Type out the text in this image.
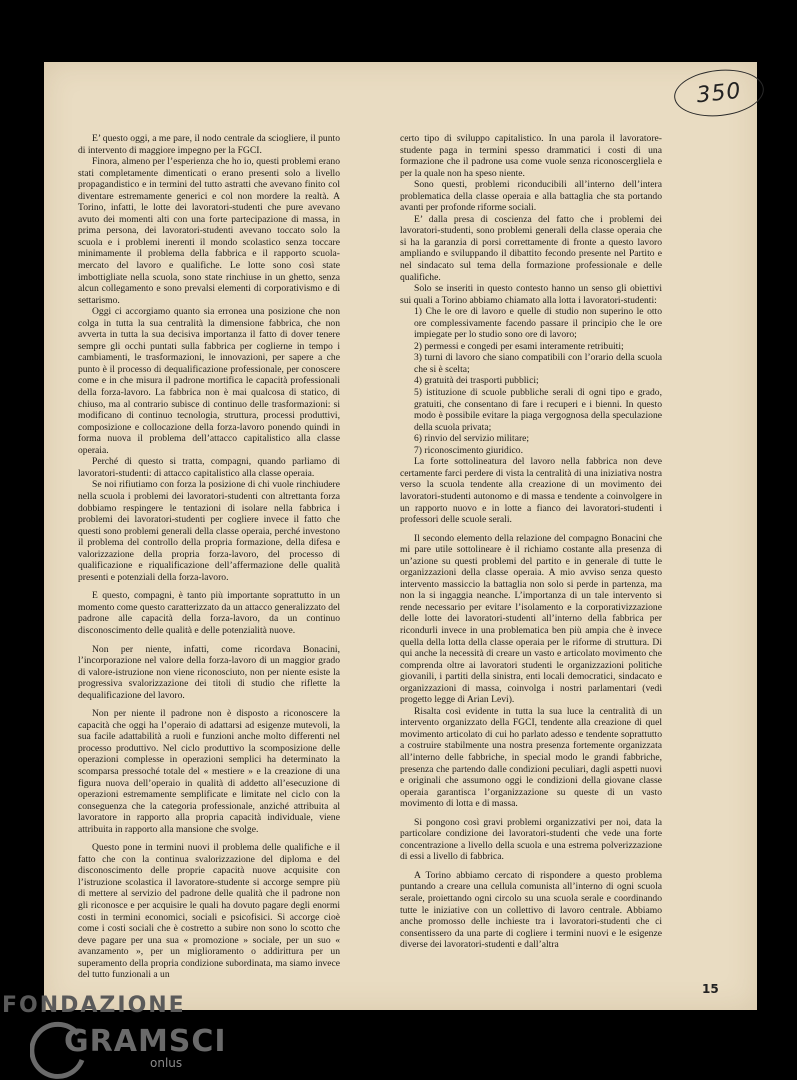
350

E’ questo oggi, a me pare, il nodo centrale da sciogliere, il punto di intervento di maggiore impegno per la FGCI.

Finora, almeno per l’esperienza che ho io, questi problemi erano stati completamente dimenticati o erano presenti solo a livello propagandistico e in termini del tutto astratti che avevano finito col diventare estremamente generici e col non mordere la realtà. A Torino, infatti, le lotte dei lavoratori-studenti che pure avevano avuto dei momenti alti con una forte partecipazione di massa, in prima persona, dei lavoratori-studenti avevano toccato solo la scuola e i problemi inerenti il mondo scolastico senza toccare minimamente il problema della fabbrica e il rapporto scuola-mercato del lavoro e qualifiche. Le lotte sono così state imbottigliate nella scuola, sono state rinchiuse in un ghetto, senza alcun collegamento e sono prevalsi elementi di corporativismo e di settarismo.

Oggi ci accorgiamo quanto sia erronea una posizione che non colga in tutta la sua centralità la dimensione fabbrica, che non avverta in tutta la sua decisiva importanza il fatto di dover tenere sempre gli occhi puntati sulla fabbrica per coglierne in tempo i cambiamenti, le trasformazioni, le innovazioni, per sapere a che punto è il processo di dequalificazione professionale, per conoscere come e in che misura il padrone mortifica le capacità professionali della forza-lavoro. La fabbrica non è mai qualcosa di statico, di chiuso, ma al contrario subisce di continuo delle trasformazioni: si modificano di continuo tecnologia, struttura, processi produttivi, composizione e collocazione della forza-lavoro ponendo quindi in forma nuova il problema dell’attacco capitalistico alla classe operaia.

Perché di questo si tratta, compagni, quando parliamo di lavoratori-studenti: di attacco capitalistico alla classe operaia.

Se noi rifiutiamo con forza la posizione di chi vuole rinchiudere nella scuola i problemi dei lavoratori-studenti con altrettanta forza dobbiamo respingere le tentazioni di isolare nella fabbrica i problemi dei lavoratori-studenti per cogliere invece il fatto che questi sono problemi generali della classe operaia, perché investono il problema del controllo della propria formazione, della difesa e valorizzazione della propria forza-lavoro, del processo di qualificazione e riqualificazione dell’affermazione delle qualità presenti e potenziali della forza-lavoro.

E questo, compagni, è tanto più importante soprattutto in un momento come questo caratterizzato da un attacco generalizzato del padrone alle capacità della forza-lavoro, da un continuo disconoscimento delle qualità e delle potenzialità nuove.

Non per niente, infatti, come ricordava Bonacini, l’incorporazione nel valore della forza-lavoro di un maggior grado di valore-istruzione non viene riconosciuto, non per niente esiste la progressiva svalorizzazione dei titoli di studio che riflette la dequalificazione del lavoro.

Non per niente il padrone non è disposto a riconoscere la capacità che oggi ha l’operaio di adattarsi ad esigenze mutevoli, la sua facile adattabilità a ruoli e funzioni anche molto differenti nel processo produttivo. Nel ciclo produttivo la scomposizione delle operazioni complesse in operazioni semplici ha determinato la scomparsa pressoché totale del « mestiere » e la creazione di una figura nuova dell’operaio in qualità di addetto all’esecuzione di operazioni estremamente semplificate e limitate nel ciclo con la conseguenza che la categoria professionale, anziché attribuita al lavoratore in rapporto alla propria capacità individuale, viene attribuita in rapporto alla mansione che svolge.

Questo pone in termini nuovi il problema delle qualifiche e il fatto che con la continua svalorizzazione del diploma e del disconoscimento delle proprie capacità nuove acquisite con l’istruzione scolastica il lavoratore-studente si accorge sempre più di mettere al servizio del padrone delle qualità che il padrone non gli riconosce e per acquisire le quali ha dovuto pagare degli enormi costi in termini economici, sociali e psicofisici. Si accorge cioè come i costi sociali che è costretto a subire non sono lo scotto che deve pagare per una sua « promozione » sociale, per un suo « avanzamento », per un miglioramento o addirittura per un superamento della propria condizione subordinata, ma siamo invece del tutto funzionali a un

certo tipo di sviluppo capitalistico. In una parola il lavoratore-studente paga in termini spesso drammatici i costi di una formazione che il padrone usa come vuole senza riconoscergliela e per la quale non ha speso niente.

Sono questi, problemi riconducibili all’interno dell’intera problematica della classe operaia e alla battaglia che sta portando avanti per profonde riforme sociali.

E’ dalla presa di coscienza del fatto che i problemi dei lavoratori-studenti, sono problemi generali della classe operaia che si ha la garanzia di porsi correttamente di fronte a questo lavoro ampliando e sviluppando il dibattito fecondo presente nel Partito e nel sindacato sul tema della formazione professionale e delle qualifiche.

Solo se inseriti in questo contesto hanno un senso gli obiettivi sui quali a Torino abbiamo chiamato alla lotta i lavoratori-studenti:

1) Che le ore di lavoro e quelle di studio non superino le otto ore complessivamente facendo passare il principio che le ore impiegate per lo studio sono ore di lavoro;

2) permessi e congedi per esami interamente retribuiti;

3) turni di lavoro che siano compatibili con l’orario della scuola che si è scelta;

4) gratuità dei trasporti pubblici;

5) istituzione di scuole pubbliche serali di ogni tipo e grado, gratuiti, che consentano di fare i recuperi e i bienni. In questo modo è possibile evitare la piaga vergognosa della speculazione della scuola privata;

6) rinvio del servizio militare;

7) riconoscimento giuridico.

La forte sottolineatura del lavoro nella fabbrica non deve certamente farci perdere di vista la centralità di una iniziativa nostra verso la scuola tendente alla creazione di un movimento dei lavoratori-studenti autonomo e di massa e tendente a coinvolgere in un rapporto nuovo e in lotte a fianco dei lavoratori-studenti i professori delle scuole serali.

Il secondo elemento della relazione del compagno Bonacini che mi pare utile sottolineare è il richiamo costante alla presenza di un’azione su questi problemi del partito e in generale di tutte le organizzazioni della classe operaia. A mio avviso senza questo intervento massiccio la battaglia non solo si perde in partenza, ma non la si ingaggia neanche. L’importanza di un tale intervento si rende necessario per evitare l’isolamento e la corporativizzazione delle lotte dei lavoratori-studenti all’interno della fabbrica per ricondurli invece in una problematica ben più ampia che è invece quella della lotta della classe operaia per le riforme di struttura. Di qui anche la necessità di creare un vasto e articolato movimento che comprenda oltre ai lavoratori studenti le organizzazioni politiche giovanili, i partiti della sinistra, enti locali democratici, sindacato e organizzazioni di massa, coinvolga i nostri parlamentari (vedi progetto legge di Arian Levi).

Risalta così evidente in tutta la sua luce la centralità di un intervento organizzato della FGCI, tendente alla creazione di quel movimento articolato di cui ho parlato adesso e tendente soprattutto a costruire stabilmente una nostra presenza fortemente organizzata all’interno delle fabbriche, in special modo le grandi fabbriche, presenza che partendo dalle condizioni peculiari, dagli aspetti nuovi e originali che assumono oggi le condizioni della giovane classe operaia garantisca l’organizzazione su queste di un vasto movimento di lotta e di massa.

Si pongono così gravi problemi organizzativi per noi, data la particolare condizione dei lavoratori-studenti che vede una forte concentrazione a livello della scuola e una estrema polverizzazione di essi a livello di fabbrica.

A Torino abbiamo cercato di rispondere a questo problema puntando a creare una cellula comunista all’interno di ogni scuola serale, proiettando ogni circolo su una scuola serale e coordinando tutte le iniziative con un collettivo di lavoro centrale. Abbiamo anche promosso delle inchieste tra i lavoratori-studenti che ci consentissero da una parte di cogliere i termini nuovi e le esigenze diverse dei lavoratori-studenti e dall’altra

15
FONDAZIONE
GRAMSCI
onlus
